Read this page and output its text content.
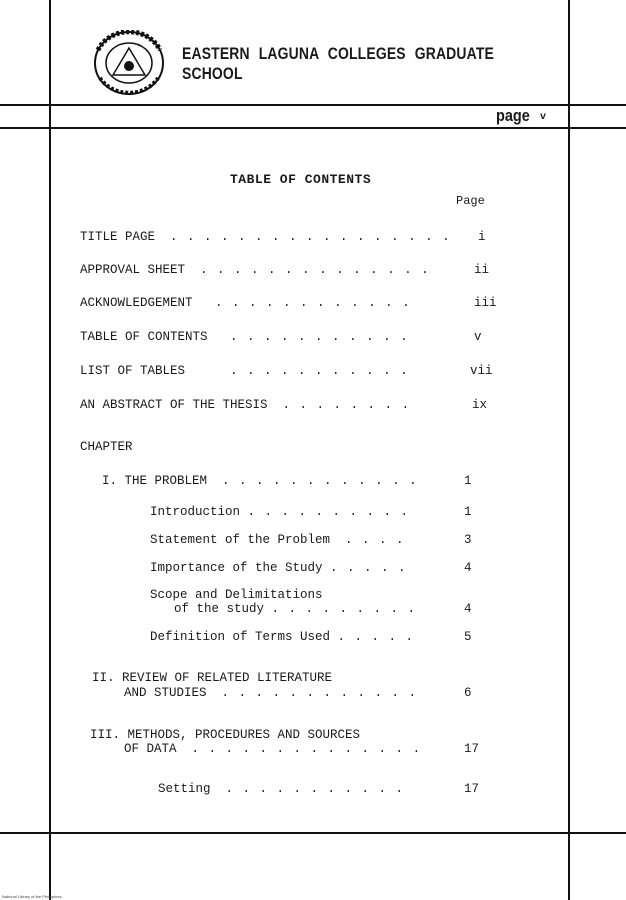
EASTERN LAGUNA COLLEGES GRADUATE SCHOOL
page v
TABLE OF CONTENTS
Page
TITLE PAGE . . . . . . . . . . . . . . . . . i
APPROVAL SHEET . . . . . . . . . . . . . .	ii
ACKNOWLEDGEMENT . . . . . . . . . . . .	iii
TABLE OF CONTENTS . . . . . . . . . . .	v
LIST OF TABLES	. . . . . . . . . . .	vii
AN ABSTRACT OF THE THESIS . . . . . . . .	ix
CHAPTER
I. THE PROBLEM . . . . . . . . . . . .	1
Introduction . . . . . . . . . .	1
Statement of the Problem . . . .	3
Importance of the Study . . . . .	4
Scope and Delimitations
of the study . . . . . . . . .	4
Definition of Terms Used . . . . .	5
II. REVIEW OF RELATED LITERATURE
AND STUDIES . . . . . . . . . . . .	6
III. METHODS, PROCEDURES AND SOURCES
OF DATA . . . . . . . . . . . . . .	17
Setting . . . . . . . . . . .	17
National Library of the Philippines
